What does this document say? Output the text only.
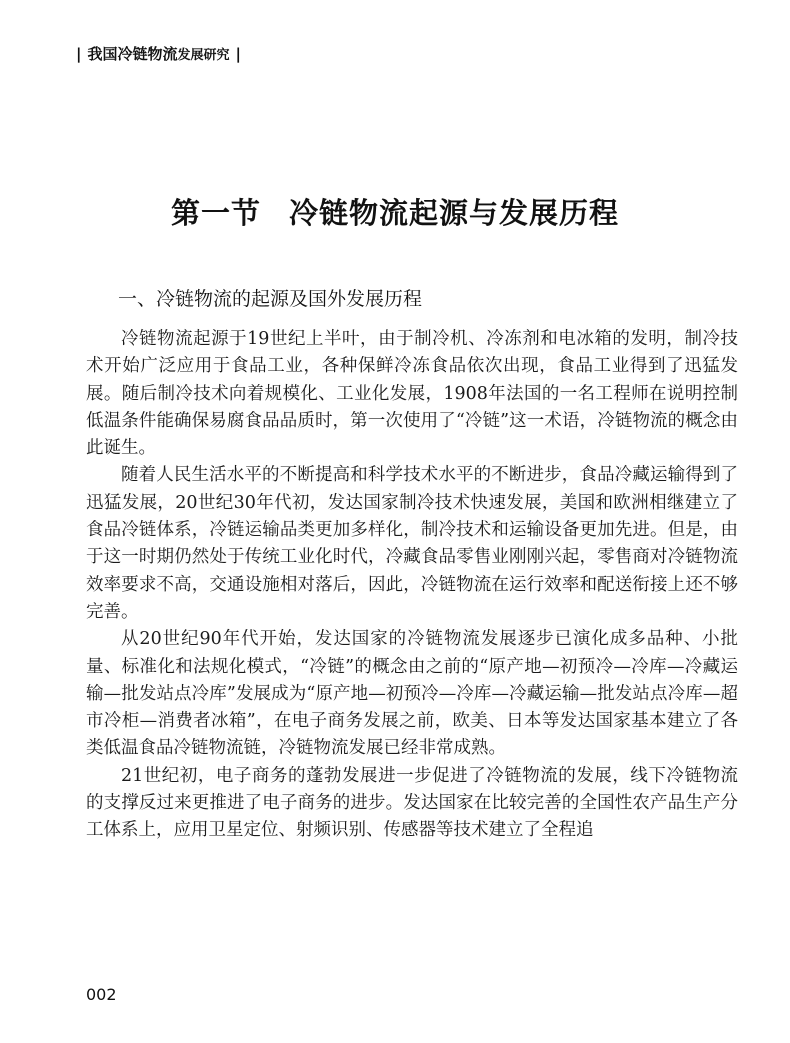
| 我国冷链物流发展研究 |
第一节 冷链物流起源与发展历程
一、冷链物流的起源及国外发展历程

冷链物流起源于19世纪上半叶，由于制冷机、冷冻剂和电冰箱的发明，制冷技术开始广泛应用于食品工业，各种保鲜冷冻食品依次出现，食品工业得到了迅猛发展。随后制冷技术向着规模化、工业化发展，1908年法国的一名工程师在说明控制低温条件能确保易腐食品品质时，第一次使用了“冷链”这一术语，冷链物流的概念由此诞生。

随着人民生活水平的不断提高和科学技术水平的不断进步，食品冷藏运输得到了迅猛发展，20世纪30年代初，发达国家制冷技术快速发展，美国和欧洲相继建立了食品冷链体系，冷链运输品类更加多样化，制冷技术和运输设备更加先进。但是，由于这一时期仍然处于传统工业化时代，冷藏食品零售业刚刚兴起，零售商对冷链物流效率要求不高，交通设施相对落后，因此，冷链物流在运行效率和配送衔接上还不够完善。

从20世纪90年代开始，发达国家的冷链物流发展逐步已演化成多品种、小批量、标准化和法规化模式，“冷链”的概念由之前的“原产地—初预冷—冷库—冷藏运输—批发站点冷库”发展成为“原产地—初预冷—冷库—冷藏运输—批发站点冷库—超市冷柜—消费者冰箱”，在电子商务发展之前，欧美、日本等发达国家基本建立了各类低温食品冷链物流链，冷链物流发展已经非常成熟。

21世纪初，电子商务的蓬勃发展进一步促进了冷链物流的发展，线下冷链物流的支撑反过来更推进了电子商务的进步。发达国家在比较完善的全国性农产品生产分工体系上，应用卫星定位、射频识别、传感器等技术建立了全程追

002
